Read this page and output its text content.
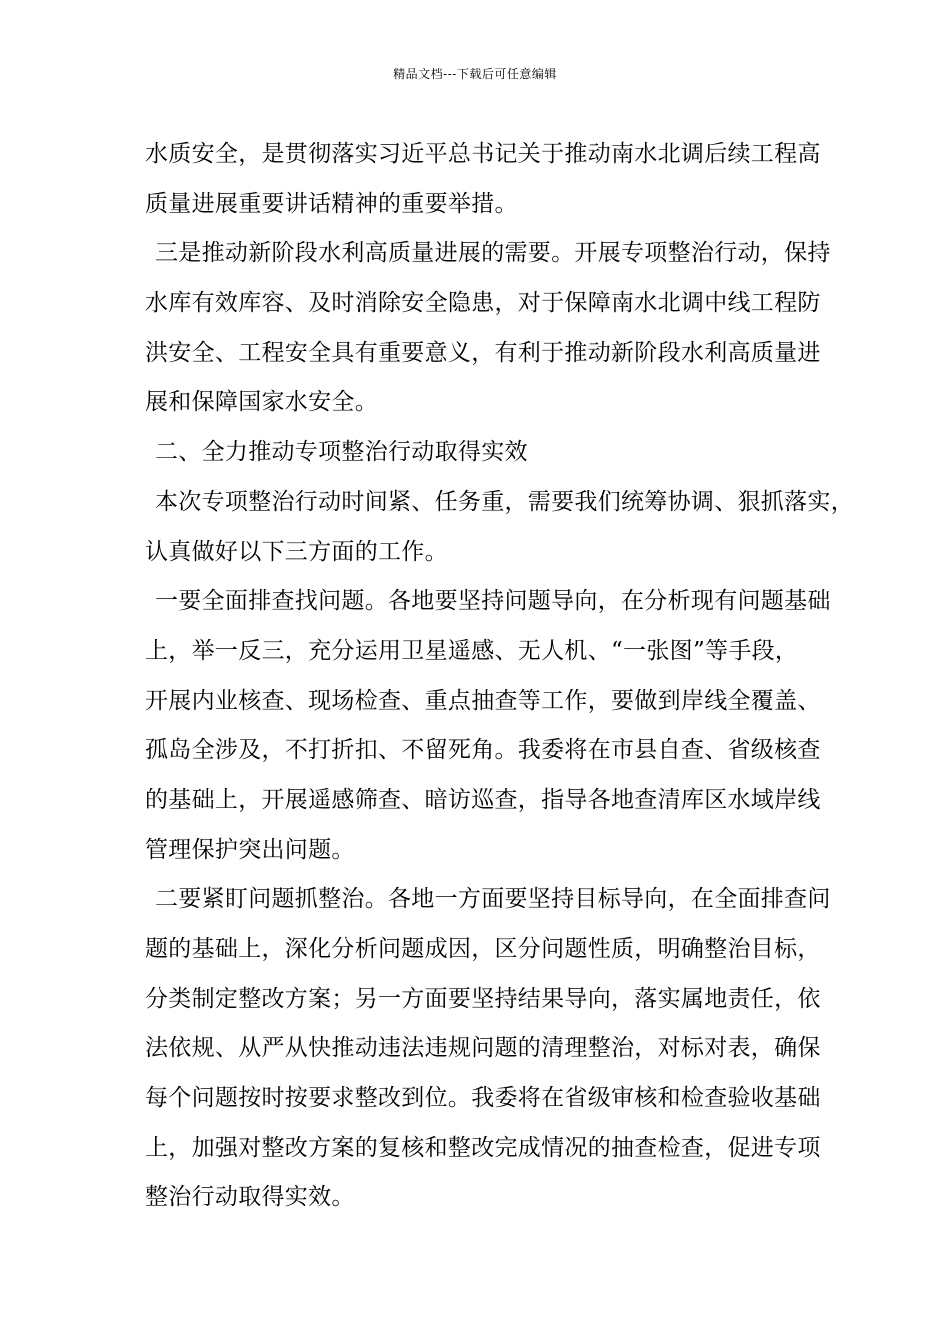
精品文档---下载后可任意编辑
水质安全，是贯彻落实习近平总书记关于推动南水北调后续工程高
质量进展重要讲话精神的重要举措。
三是推动新阶段水利高质量进展的需要。开展专项整治行动，保持
水库有效库容、及时消除安全隐患，对于保障南水北调中线工程防
洪安全、工程安全具有重要意义，有利于推动新阶段水利高质量进
展和保障国家水安全。
二、全力推动专项整治行动取得实效
本次专项整治行动时间紧、任务重，需要我们统筹协调、狠抓落实，
认真做好以下三方面的工作。
一要全面排查找问题。各地要坚持问题导向，在分析现有问题基础
上，举一反三，充分运用卫星遥感、无人机、“一张图”等手段，
开展内业核查、现场检查、重点抽查等工作，要做到岸线全覆盖、
孤岛全涉及，不打折扣、不留死角。我委将在市县自查、省级核查
的基础上，开展遥感筛查、暗访巡查，指导各地查清库区水域岸线
管理保护突出问题。
二要紧盯问题抓整治。各地一方面要坚持目标导向，在全面排查问
题的基础上，深化分析问题成因，区分问题性质，明确整治目标，
分类制定整改方案；另一方面要坚持结果导向，落实属地责任，依
法依规、从严从快推动违法违规问题的清理整治，对标对表，确保
每个问题按时按要求整改到位。我委将在省级审核和检查验收基础
上，加强对整改方案的复核和整改完成情况的抽查检查，促进专项
整治行动取得实效。
